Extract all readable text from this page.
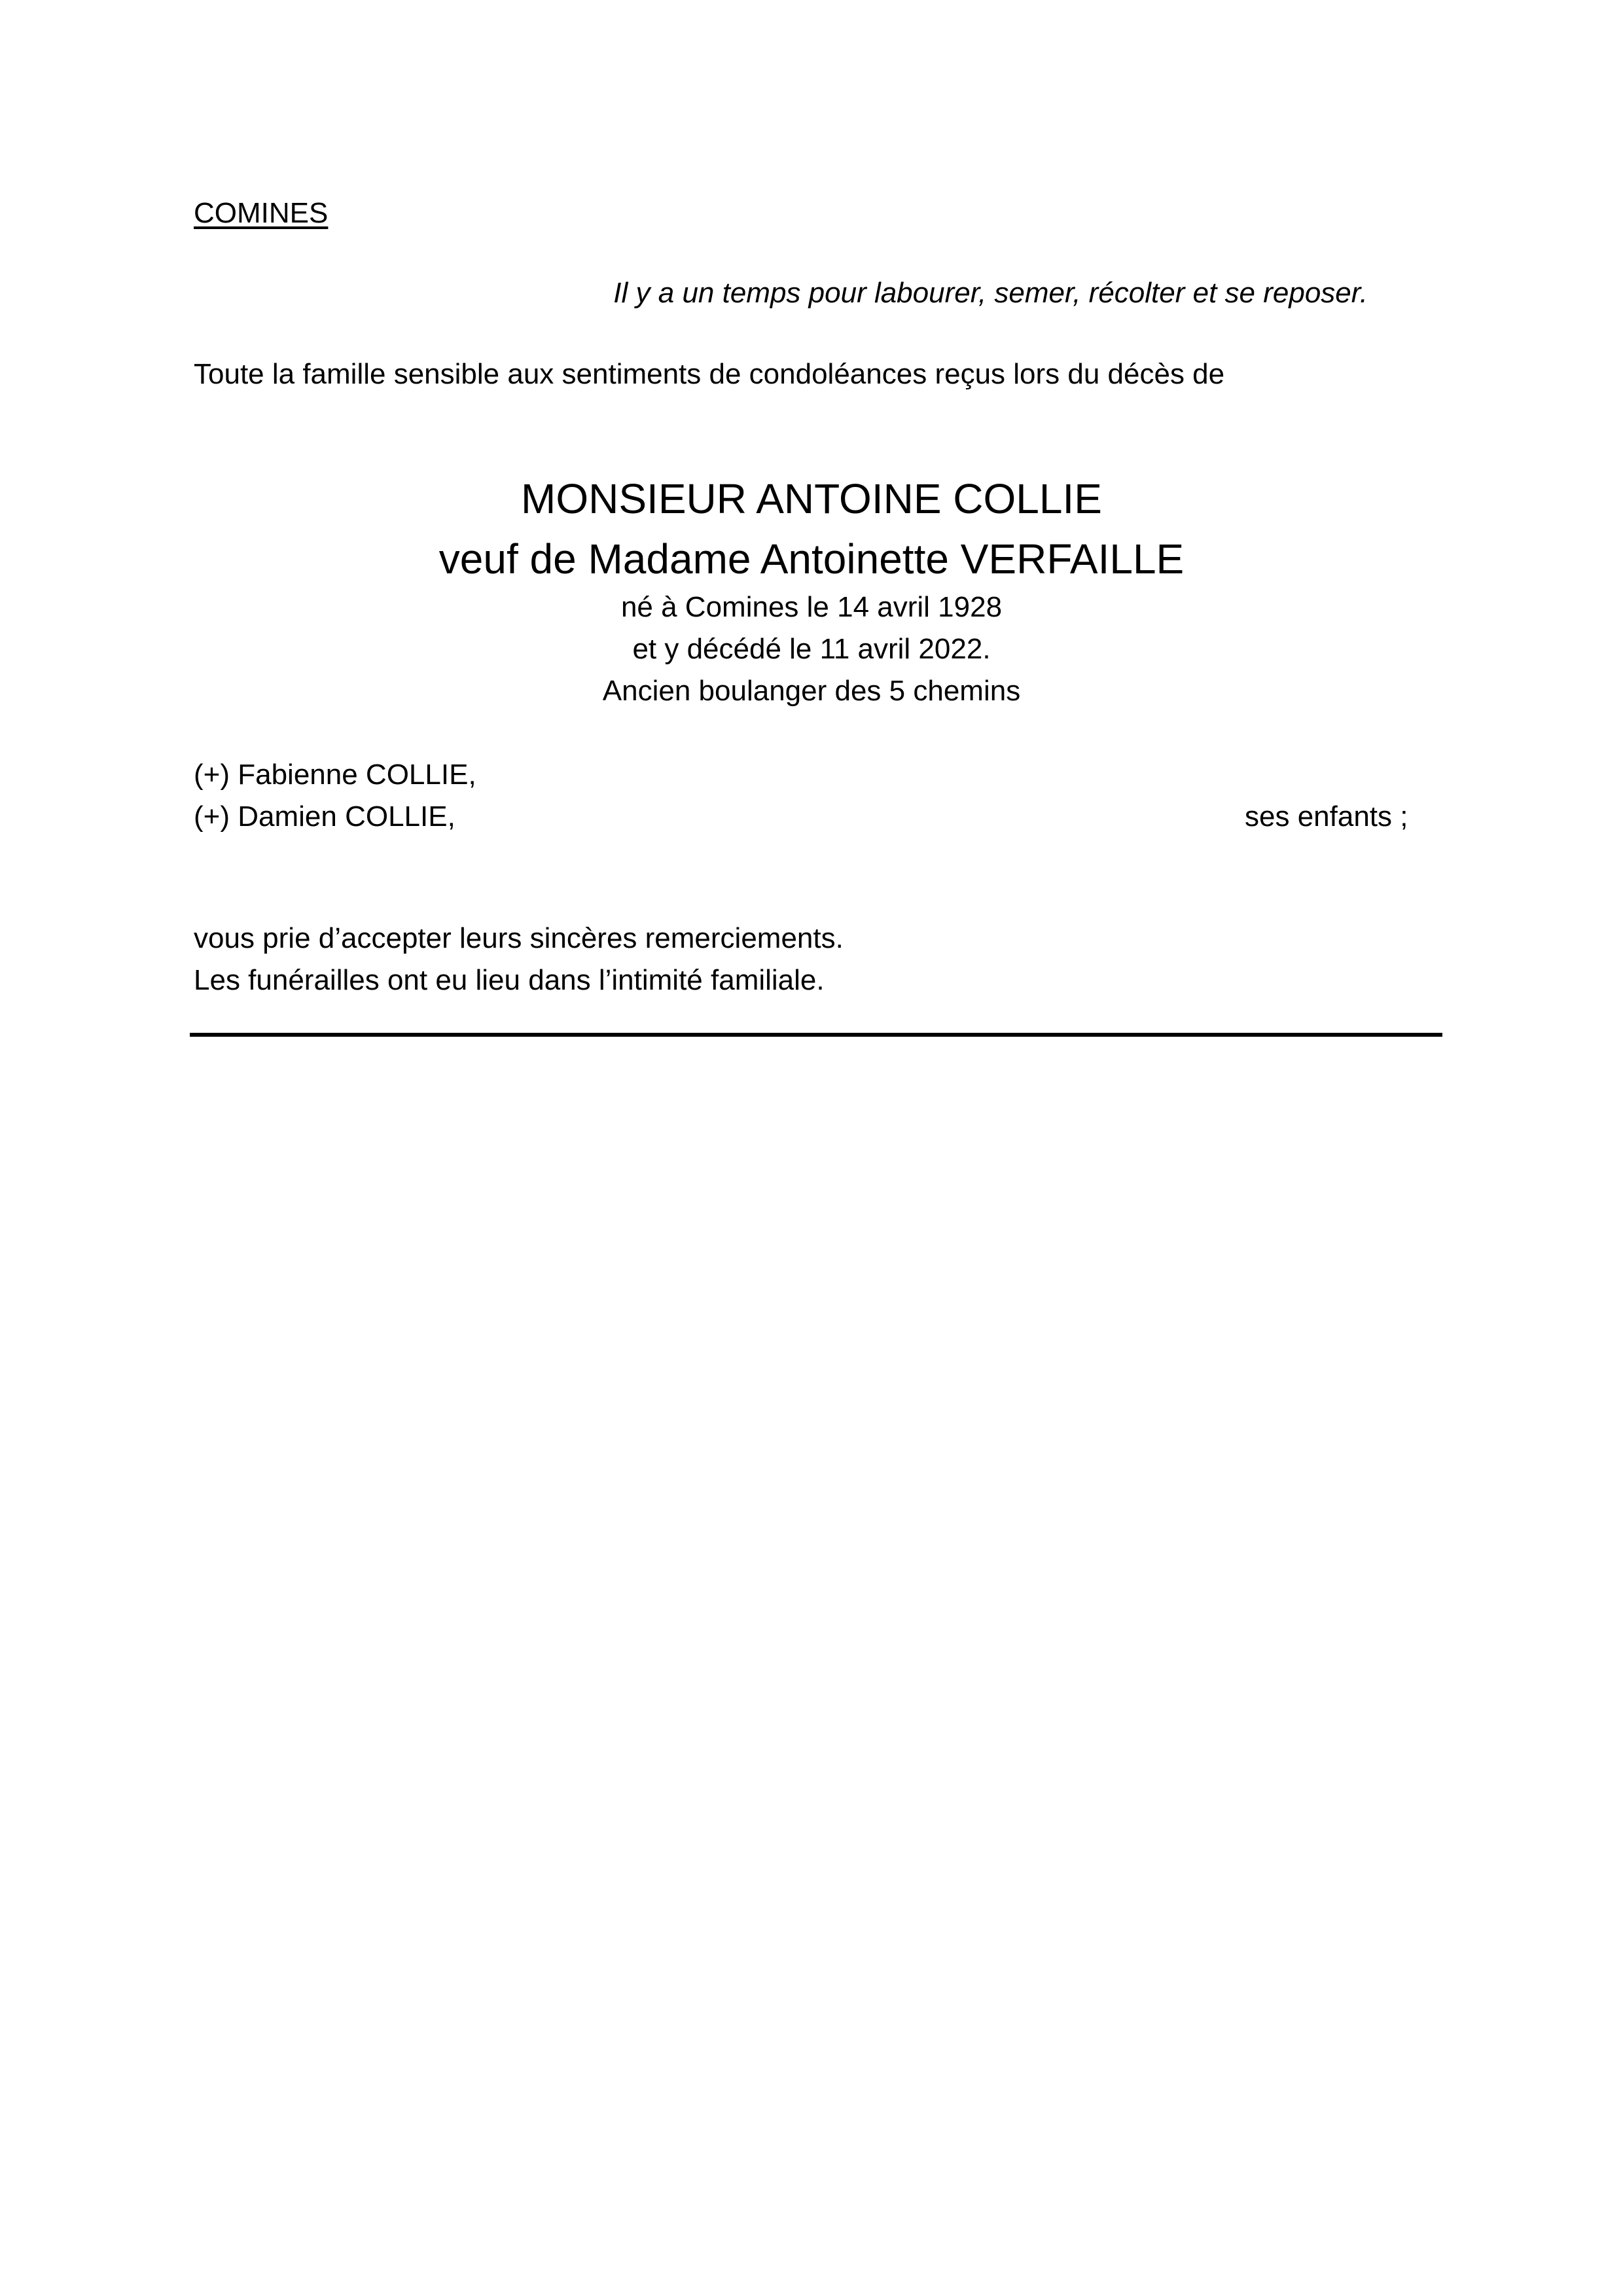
COMINES

Il y a un temps pour labourer, semer, récolter et se reposer.

Toute la famille sensible aux sentiments de condoléances reçus lors du décès de

MONSIEUR ANTOINE COLLIE

veuf de Madame Antoinette VERFAILLE

né à Comines le 14 avril 1928

et y décédé le 11 avril 2022.

Ancien boulanger des 5 chemins

(+) Fabienne COLLIE,

(+) Damien COLLIE,	ses enfants ;

vous prie d’accepter leurs sincères remerciements.

Les funérailles ont eu lieu dans l’intimité familiale.
